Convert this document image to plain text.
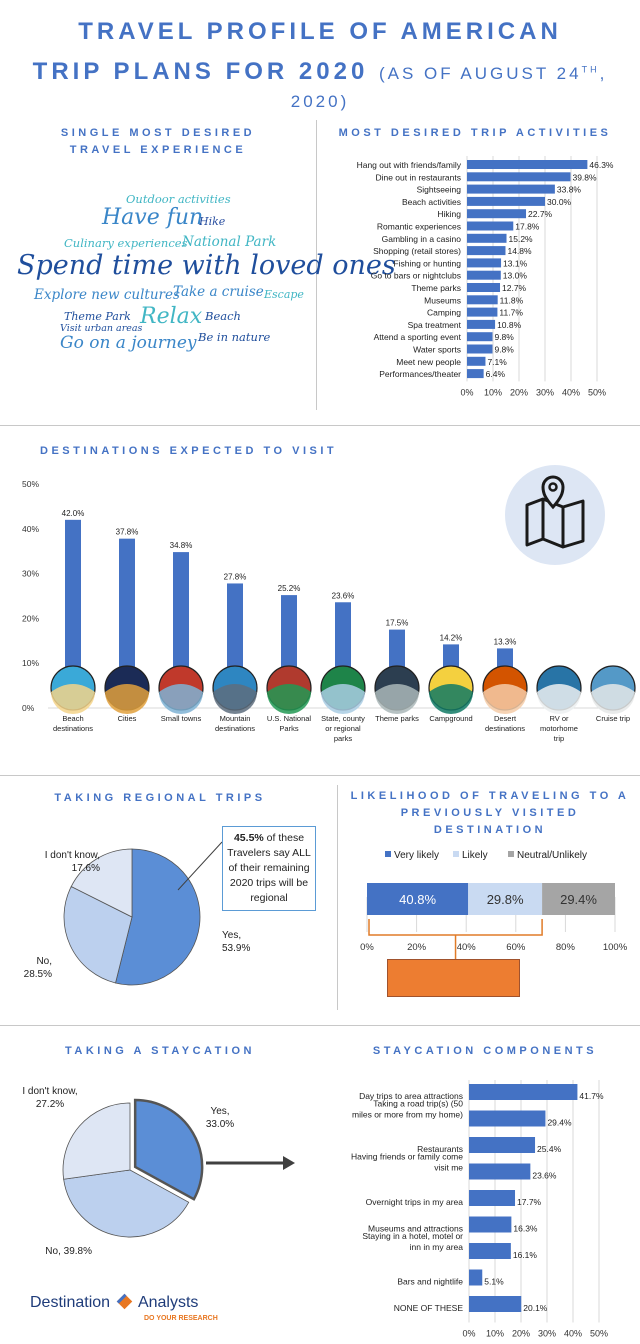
TRAVEL PROFILE OF AMERICAN
TRIP PLANS FOR 2020 (AS OF AUGUST 24TH, 2020)
SINGLE MOST DESIRED TRAVEL EXPERIENCE
Outdoor activities
Have fun
Hike
Culinary experiences
National Park
Spend time with loved ones
Explore new cultures
Take a cruise Escape
Theme Park
Visit urban areas
Relax Beach
Be in nature
Go on a journey
MOST DESIRED TRIP ACTIVITIES
0% 10% 20% 30% 40% 50%
46.3%
Hang out with friends/family
39.8%
Dine out in restaurants
33.8%
Sightseeing
30.0%
Beach activities
22.7%
Hiking
17.8%
Romantic experiences
15.2%
Gambling in a casino
14.8%
Shopping (retail stores)
13.1%
Fishing or hunting
13.0%
Go to bars or nightclubs
12.7%
Theme parks
11.8%
Museums
11.7%
Camping
10.8%
Spa treatment
9.8%
Attend a sporting event
9.8%
Water sports
7.1%
Meet new people
6.4%
Performances/theater
DESTINATIONS EXPECTED TO VISIT
0%
10%
20%
30%
40%
50%
42.0%
Beach
destinations
37.8%
Cities
34.8%
Small towns
27.8%
Mountain
destinations
25.2%
U.S. National
Parks
23.6%
State, county
or regional
parks
17.5%
Theme parks
14.2%
Campground
13.3%
Desert
destinations
RV or
motorhome
trip
Cruise trip
TAKING REGIONAL TRIPS
Yes,
53.9%
No,
28.5%
I don't know,
17.6%
45.5% of these Travelers say ALL of their remaining 2020 trips will be regional
LIKELIHOOD OF TRAVELING TO A PREVIOUSLY VISITED DESTINATION
Very likely Likely	Neutral/Unlikely
0%	20%	40%	60%	80%	100%
40.8%	29.8%	29.4%
TAKING A STAYCATION
Yes,
33.0%
No, 39.8%
I don't know,
27.2%
STAYCATION COMPONENTS
0% 10% 20% 30% 40% 50%
41.7%
Day trips to area attractions
29.4%
Taking a road trip(s) (50
miles or more from my home)
25.4%
Restaurants
23.6%
Having friends or family come
visit me
17.7%
Overnight trips in my area
16.3%
Museums and attractions
16.1%
Staying in a hotel, motel or
inn in my area
5.1%
Bars and nightlife
20.1%
NONE OF THESE
Destination Analysts
DO YOUR RESEARCH
